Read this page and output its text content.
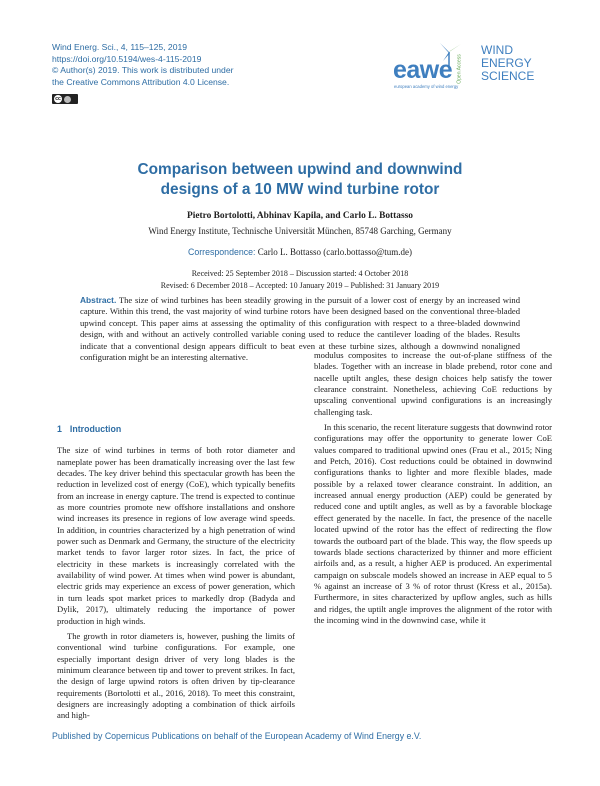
Wind Energ. Sci., 4, 115–125, 2019
https://doi.org/10.5194/wes-4-115-2019
© Author(s) 2019. This work is distributed under
the Creative Commons Attribution 4.0 License.
cc
eawe
european academy of wind energy
Open Access
WIND
ENERGY
SCIENCE
Comparison between upwind and downwind
designs of a 10 MW wind turbine rotor
Pietro Bortolotti, Abhinav Kapila, and Carlo L. Bottasso
Wind Energy Institute, Technische Universität München, 85748 Garching, Germany
Correspondence: Carlo L. Bottasso (carlo.bottasso@tum.de)
Received: 25 September 2018 – Discussion started: 4 October 2018
Revised: 6 December 2018 – Accepted: 10 January 2019 – Published: 31 January 2019
Abstract. The size of wind turbines has been steadily growing in the pursuit of a lower cost of energy by an increased wind capture. Within this trend, the vast majority of wind turbine rotors have been designed based on the conventional three-bladed upwind concept. This paper aims at assessing the optimality of this configuration with respect to a three-bladed downwind design, with and without an actively controlled variable coning used to reduce the cantilever loading of the blades. Results indicate that a conventional design appears difficult to beat even at these turbine sizes, although a downwind nonaligned configuration might be an interesting alternative.
1 Introduction

The size of wind turbines in terms of both rotor diameter and nameplate power has been dramatically increasing over the last few decades. The key driver behind this spectacular growth has been the reduction in levelized cost of energy (CoE), which typically benefits from an increase in energy capture. The trend is expected to continue as more countries promote new offshore installations and onshore wind increases its presence in regions of low average wind speeds. In addition, in countries characterized by a high penetration of wind power such as Denmark and Germany, the structure of the electricity market tends to favor larger rotor sizes. In fact, the price of electricity in these markets is increasingly correlated with the availability of wind power. At times when wind power is abundant, electric grids may experience an excess of power generation, which in turn leads spot market prices to markedly drop (Badyda and Dylik, 2017), ultimately reducing the importance of power production in high winds.

The growth in rotor diameters is, however, pushing the limits of conventional wind turbine configurations. For example, one especially important design driver of very long blades is the minimum clearance between tip and tower to prevent strikes. In fact, the design of large upwind rotors is often driven by tip-clearance requirements (Bortolotti et al., 2016, 2018). To meet this constraint, designers are increasingly adopting a combination of thick airfoils and high-

modulus composites to increase the out-of-plane stiffness of the blades. Together with an increase in blade prebend, rotor cone and nacelle uptilt angles, these design choices help satisfy the tower clearance constraint. Nonetheless, achieving CoE reductions by upscaling conventional upwind configurations is an increasingly challenging task.

In this scenario, the recent literature suggests that downwind rotor configurations may offer the opportunity to generate lower CoE values compared to traditional upwind ones (Frau et al., 2015; Ning and Petch, 2016). Cost reductions could be obtained in downwind configurations thanks to lighter and more flexible blades, made possible by a relaxed tower clearance constraint. In addition, an increased annual energy production (AEP) could be generated by reduced cone and uptilt angles, as well as by a favorable blockage effect generated by the nacelle. In fact, the presence of the nacelle located upwind of the rotor has the effect of redirecting the flow towards the outboard part of the blade. This way, the flow speeds up towards blade sections characterized by thinner and more efficient airfoils and, as a result, a higher AEP is produced. An experimental campaign on subscale models showed an increase in AEP equal to 5 % against an increase of 3 % of rotor thrust (Kress et al., 2015a). Furthermore, in sites characterized by upflow angles, such as hills and ridges, the uptilt angle improves the alignment of the rotor with the incoming wind in the downwind case, while it

Published by Copernicus Publications on behalf of the European Academy of Wind Energy e.V.
